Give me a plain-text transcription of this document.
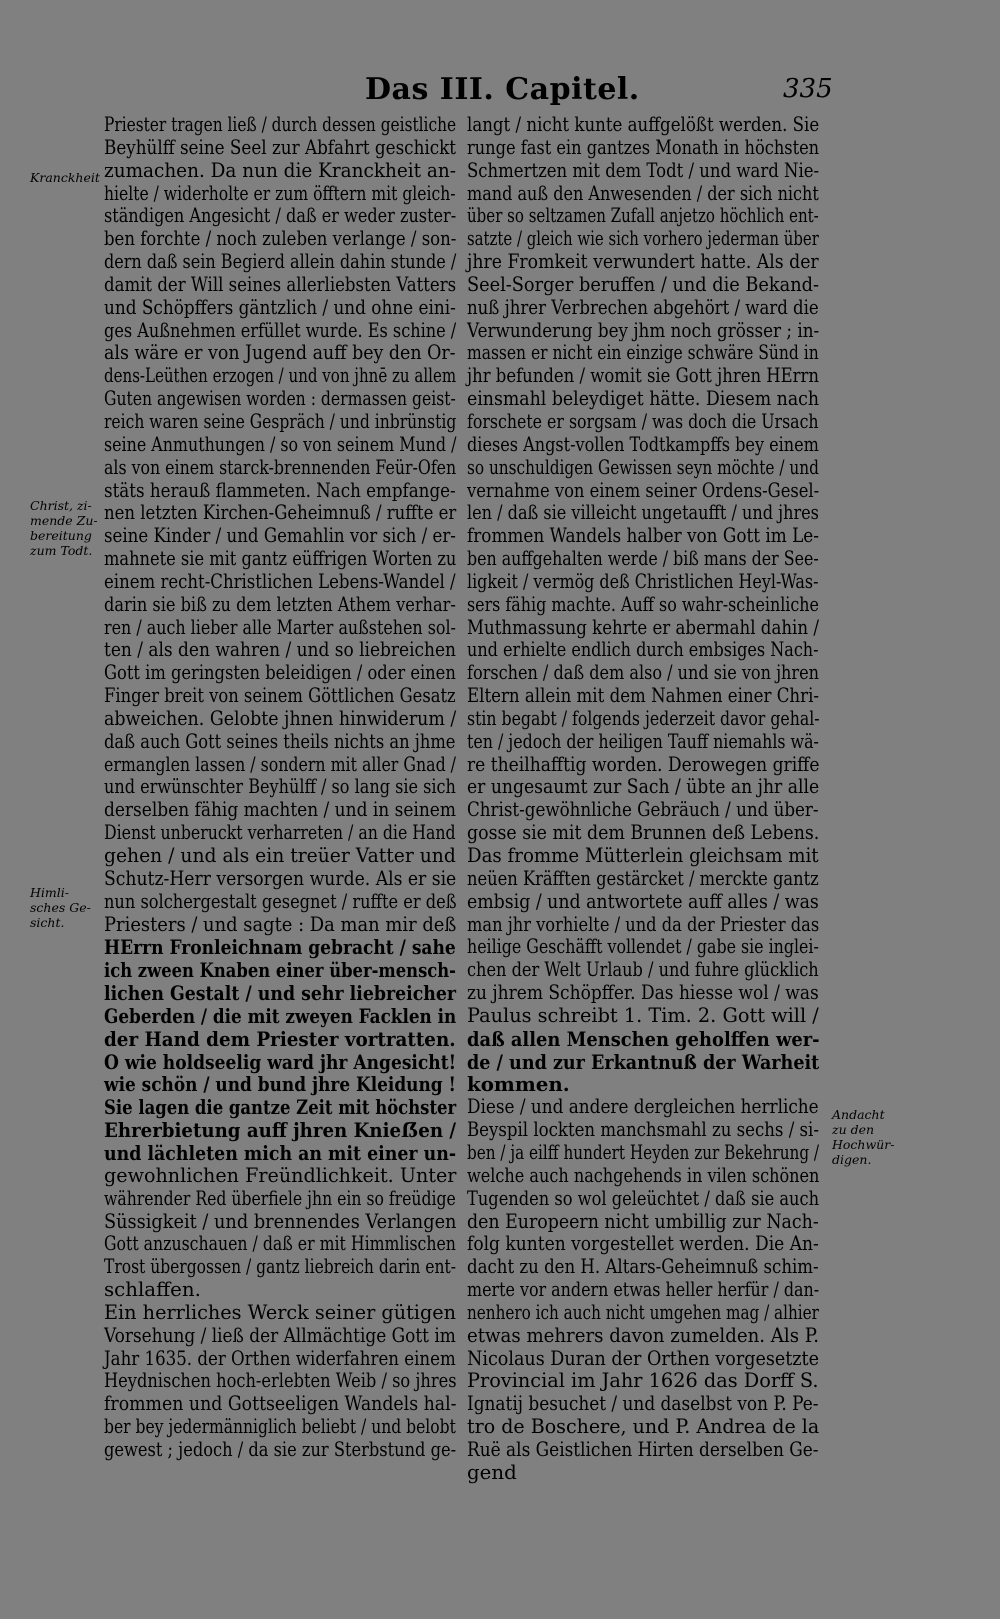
Das III. Capitel.	335
Priester tragen ließ / durch dessen geistliche
Beyhülff seine Seel zur Abfahrt geschickt
zumachen. Da nun die Kranckheit an-
hielte / widerholte er zum öfftern mit gleich-
ständigen Angesicht / daß er weder zuster-
ben forchte / noch zuleben verlange / son-
dern daß sein Begierd allein dahin stunde /
damit der Will seines allerliebsten Vatters
und Schöpffers gäntzlich / und ohne eini-
ges Außnehmen erfüllet wurde. Es schine /
als wäre er von Jugend auff bey den Or-
dens-Leüthen erzogen / und von jhnē zu allem
Guten angewisen worden : dermassen geist-
reich waren seine Gespräch / und inbrünstig
seine Anmuthungen / so von seinem Mund /
als von einem starck-brennenden Feür-Ofen
stäts herauß flammeten. Nach empfange-
nen letzten Kirchen-Geheimnuß / ruffte er
seine Kinder / und Gemahlin vor sich / er-
mahnete sie mit gantz eüffrigen Worten zu
einem recht-Christlichen Lebens-Wandel /
darin sie biß zu dem letzten Athem verhar-
ren / auch lieber alle Marter außstehen sol-
ten / als den wahren / und so liebreichen
Gott im geringsten beleidigen / oder einen
Finger breit von seinem Göttlichen Gesatz
abweichen. Gelobte jhnen hinwiderum /
daß auch Gott seines theils nichts an jhme
ermanglen lassen / sondern mit aller Gnad /
und erwünschter Beyhülff / so lang sie sich
derselben fähig machten / und in seinem
Dienst unberuckt verharreten / an die Hand
gehen / und als ein treüer Vatter und
Schutz-Herr versorgen wurde. Als er sie
nun solchergestalt gesegnet / ruffte er deß
Priesters / und sagte : Da man mir deß
HErrn Fronleichnam gebracht / sahe
ich zween Knaben einer über-mensch-
lichen Gestalt / und sehr liebreicher
Geberden / die mit zweyen Facklen in
der Hand dem Priester vortratten.
O wie holdseelig ward jhr Angesicht!
wie schön / und bund jhre Kleidung !
Sie lagen die gantze Zeit mit höchster
Ehrerbietung auff jhren Knieẞen /
und lächleten mich an mit einer un-
gewohnlichen Freündlichkeit. Unter
währender Red überfiele jhn ein so freüdige
Süssigkeit / und brennendes Verlangen
Gott anzuschauen / daß er mit Himmlischen
Trost übergossen / gantz liebreich darin ent-
schlaffen.
Ein herrliches Werck seiner gütigen
Vorsehung / ließ der Allmächtige Gott im
Jahr 1635. der Orthen widerfahren einem
Heydnischen hoch-erlebten Weib / so jhres
frommen und Gottseeligen Wandels hal-
ber bey jedermänniglich beliebt / und belobt
gewest ; jedoch / da sie zur Sterbstund ge-
langt / nicht kunte auffgelößt werden. Sie
runge fast ein gantzes Monath in höchsten
Schmertzen mit dem Todt / und ward Nie-
mand auß den Anwesenden / der sich nicht
über so seltzamen Zufall anjetzo höchlich ent-
satzte / gleich wie sich vorhero jederman über
jhre Fromkeit verwundert hatte. Als der
Seel-Sorger beruffen / und die Bekand-
nuß jhrer Verbrechen abgehört / ward die
Verwunderung bey jhm noch grösser ; in-
massen er nicht ein einzige schwäre Sünd in
jhr befunden / womit sie Gott jhren HErrn
einsmahl beleydiget hätte. Diesem nach
forschete er sorgsam / was doch die Ursach
dieses Angst-vollen Todtkampffs bey einem
so unschuldigen Gewissen seyn möchte / und
vernahme von einem seiner Ordens-Gesel-
len / daß sie villeicht ungetaufft / und jhres
frommen Wandels halber von Gott im Le-
ben auffgehalten werde / biß mans der See-
ligkeit / vermög deß Christlichen Heyl-Was-
sers fähig machte. Auff so wahr-scheinliche
Muthmassung kehrte er abermahl dahin /
und erhielte endlich durch embsiges Nach-
forschen / daß dem also / und sie von jhren
Eltern allein mit dem Nahmen einer Chri-
stin begabt / folgends jederzeit davor gehal-
ten / jedoch der heiligen Tauff niemahls wä-
re theilhafftig worden. Derowegen griffe
er ungesaumt zur Sach / übte an jhr alle
Christ-gewöhnliche Gebräuch / und über-
gosse sie mit dem Brunnen deß Lebens.
Das fromme Mütterlein gleichsam mit
neüen Kräfften gestärcket / merckte gantz
embsig / und antwortete auff alles / was
man jhr vorhielte / und da der Priester das
heilige Geschäfft vollendet / gabe sie inglei-
chen der Welt Urlaub / und fuhre glücklich
zu jhrem Schöpffer. Das hiesse wol / was
Paulus schreibt 1. Tim. 2. Gott will /
daß allen Menschen geholffen wer-
de / und zur Erkantnuß der Warheit
kommen.
Diese / und andere dergleichen herrliche
Beyspil lockten manchsmahl zu sechs / si-
ben / ja eilff hundert Heyden zur Bekehrung /
welche auch nachgehends in vilen schönen
Tugenden so wol geleüchtet / daß sie auch
den Europeern nicht umbillig zur Nach-
folg kunten vorgestellet werden. Die An-
dacht zu den H. Altars-Geheimnuß schim-
merte vor andern etwas heller herfür / dan-
nenhero ich auch nicht umgehen mag / alhier
etwas mehrers davon zumelden. Als P.
Nicolaus Duran der Orthen vorgesetzte
Provincial im Jahr 1626 das Dorff S.
Ignatij besuchet / und daselbst von P. Pe-
tro de Boschere, und P. Andrea de la
Ruë als Geistlichen Hirten derselben Ge-
gend
Kranckheit
Christ, zi-
mende Zu-
bereitung
zum Todt.
Himli-
sches Ge-
sicht.
Andacht
zu den
Hochwür-
digen.
